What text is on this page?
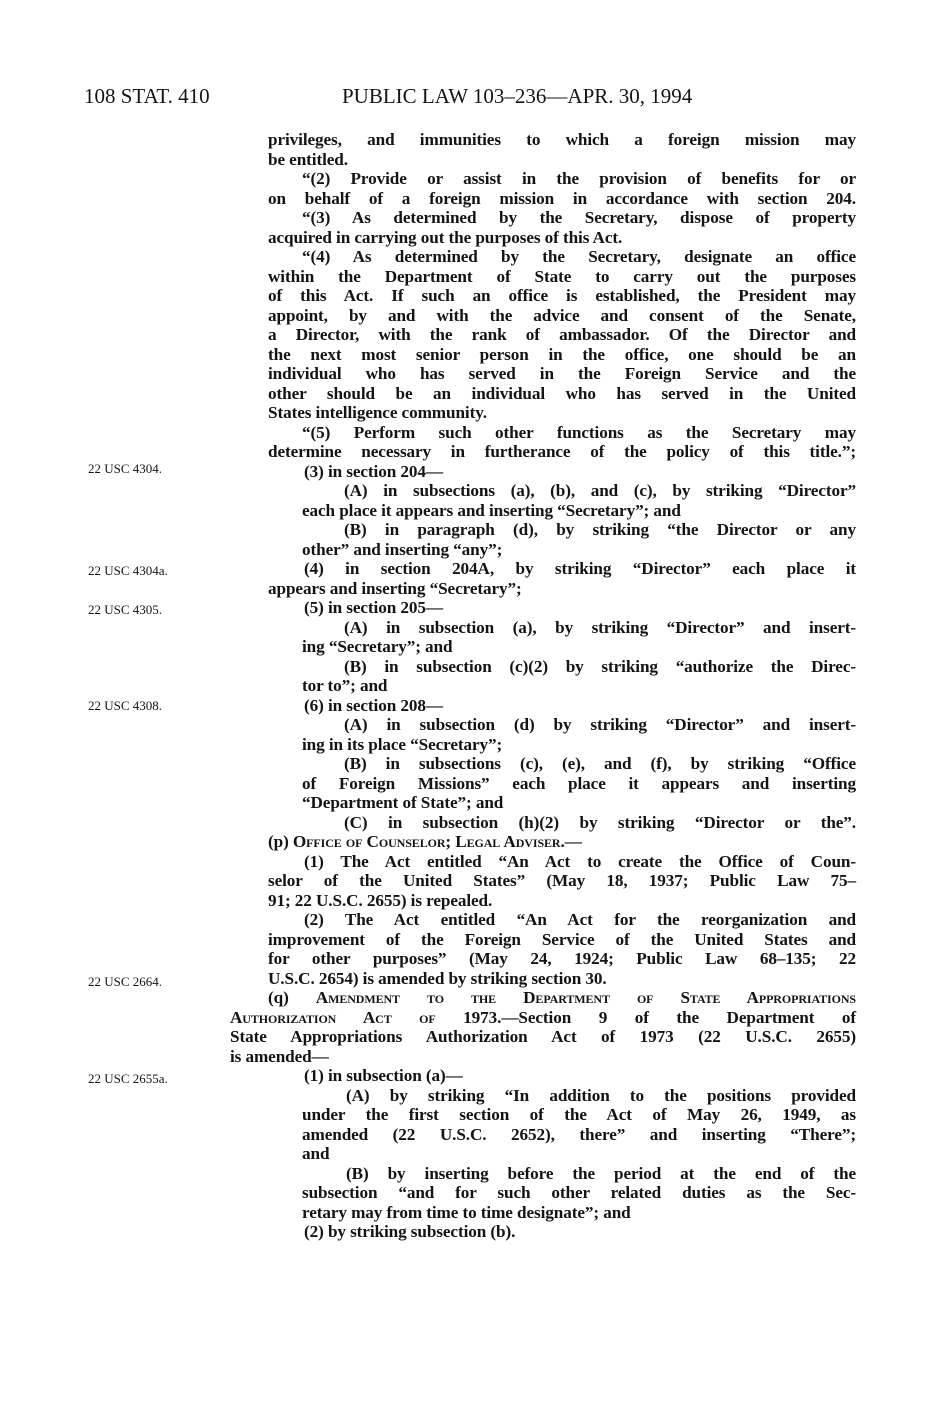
108 STAT. 410	PUBLIC LAW 103–236—APR. 30, 1994
22 USC 4304.
22 USC 4304a.
22 USC 4305.
22 USC 4308.
22 USC 2664.
22 USC 2655a.
privileges, and immunities to which a foreign mission may
be entitled.
“(2) Provide or assist in the provision of benefits for or
on behalf of a foreign mission in accordance with section 204.
“(3) As determined by the Secretary, dispose of property
acquired in carrying out the purposes of this Act.
“(4) As determined by the Secretary, designate an office
within the Department of State to carry out the purposes
of this Act. If such an office is established, the President may
appoint, by and with the advice and consent of the Senate,
a Director, with the rank of ambassador. Of the Director and
the next most senior person in the office, one should be an
individual who has served in the Foreign Service and the
other should be an individual who has served in the United
States intelligence community.
“(5) Perform such other functions as the Secretary may
determine necessary in furtherance of the policy of this title.”;
(3) in section 204—
(A) in subsections (a), (b), and (c), by striking “Director”
each place it appears and inserting “Secretary”; and
(B) in paragraph (d), by striking “the Director or any
other” and inserting “any”;
(4) in section 204A, by striking “Director” each place it
appears and inserting “Secretary”;
(5) in section 205—
(A) in subsection (a), by striking “Director” and insert-
ing “Secretary”; and
(B) in subsection (c)(2) by striking “authorize the Direc-
tor to”; and
(6) in section 208—
(A) in subsection (d) by striking “Director” and insert-
ing in its place “Secretary”;
(B) in subsections (c), (e), and (f), by striking “Office
of Foreign Missions” each place it appears and inserting
“Department of State”; and
(C) in subsection (h)(2) by striking “Director or the”.
(p) Office of Counselor; Legal Adviser.—
(1) The Act entitled “An Act to create the Office of Coun-
selor of the United States” (May 18, 1937; Public Law 75–
91; 22 U.S.C. 2655) is repealed.
(2) The Act entitled “An Act for the reorganization and
improvement of the Foreign Service of the United States and
for other purposes” (May 24, 1924; Public Law 68–135; 22
U.S.C. 2654) is amended by striking section 30.
(q) Amendment to the Department of State Appropriations
Authorization Act of 1973.—Section 9 of the Department of
State Appropriations Authorization Act of 1973 (22 U.S.C. 2655)
is amended—
(1) in subsection (a)—
(A) by striking “In addition to the positions provided
under the first section of the Act of May 26, 1949, as
amended (22 U.S.C. 2652), there” and inserting “There”;
and
(B) by inserting before the period at the end of the
subsection “and for such other related duties as the Sec-
retary may from time to time designate”; and
(2) by striking subsection (b).
